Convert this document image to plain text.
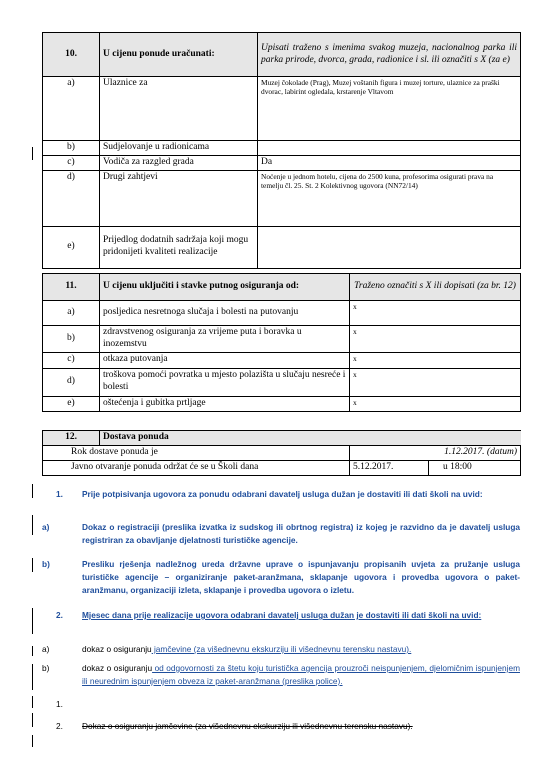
10.	U cijenu ponude uračunati:	Upisati traženo s imenima svakog muzeja, nacionalnog parka ili parka prirode, dvorca, grada, radionice i sl. ili označiti s X (za e)
a)	Ulaznice za	Muzej čokolade (Prag), Muzej voštanih figura i muzej torture, ulaznice za praški dvorac, labirint ogledala, krstarenje Vltavom
b)	Sudjelovanje u radionicama	
c)	Vodiča za razgled grada	Da
d)	Drugi zahtjevi	Noćenje u jednom hotelu, cijena do 2500 kuna, profesorima osigurati prava na temelju čl. 25. St. 2 Kolektivnog ugovora (NN72/14)
e)	Prijedlog dodatnih sadržaja koji mogu pridonijeti kvaliteti realizacije	
11.	U cijenu uključiti i stavke putnog osiguranja od:	Traženo označiti s X ili dopisati (za br. 12)
a)	posljedica nesretnoga slučaja i bolesti na putovanju	x
b)	zdravstvenog osiguranja za vrijeme puta i boravka u inozemstvu	x
c)	otkaza putovanja	x
d)	troškova pomoći povratka u mjesto polazišta u slučaju nesreće i bolesti	x
e)	oštećenja i gubitka prtljage	x
12.	Dostava ponuda		
Rok dostave ponuda je		1.12.2017. (datum)	
Javno otvaranje ponuda održat će se u Školi dana		5.12.2017.	u 18:00
1.	Prije potpisivanja ugovora za ponudu odabrani davatelj usluga dužan je dostaviti ili dati školi na uvid:
a)	Dokaz o registraciji (preslika izvatka iz sudskog ili obrtnog registra) iz kojeg je razvidno da je davatelj usluga registriran za obavljanje djelatnosti turističke agencije.
b)	Presliku rješenja nadležnog ureda državne uprave o ispunjavanju propisanih uvjeta za pružanje usluga turističke agencije – organiziranje paket-aranžmana, sklapanje ugovora i provedba ugovora o paket-aranžmanu, organizaciji izleta, sklapanje i provedba ugovora o izletu.
2.	Mjesec dana prije realizacije ugovora odabrani davatelj usluga dužan je dostaviti ili dati školi na uvid:
a)	dokaz o osiguranju jamčevine (za višednevnu ekskurziju ili višednevnu terensku nastavu).
b)	dokaz o osiguranju od odgovornosti za štetu koju turistička agencija prouzroči neispunjenjem, djelomičnim ispunjenjem ili neurednim ispunjenjem obveza iz paket-aranžmana (preslika police).
1.
2.	Dokaz o osiguranju jamčevine (za višednevnu ekskurziju ili višednevnu terensku nastavu).
